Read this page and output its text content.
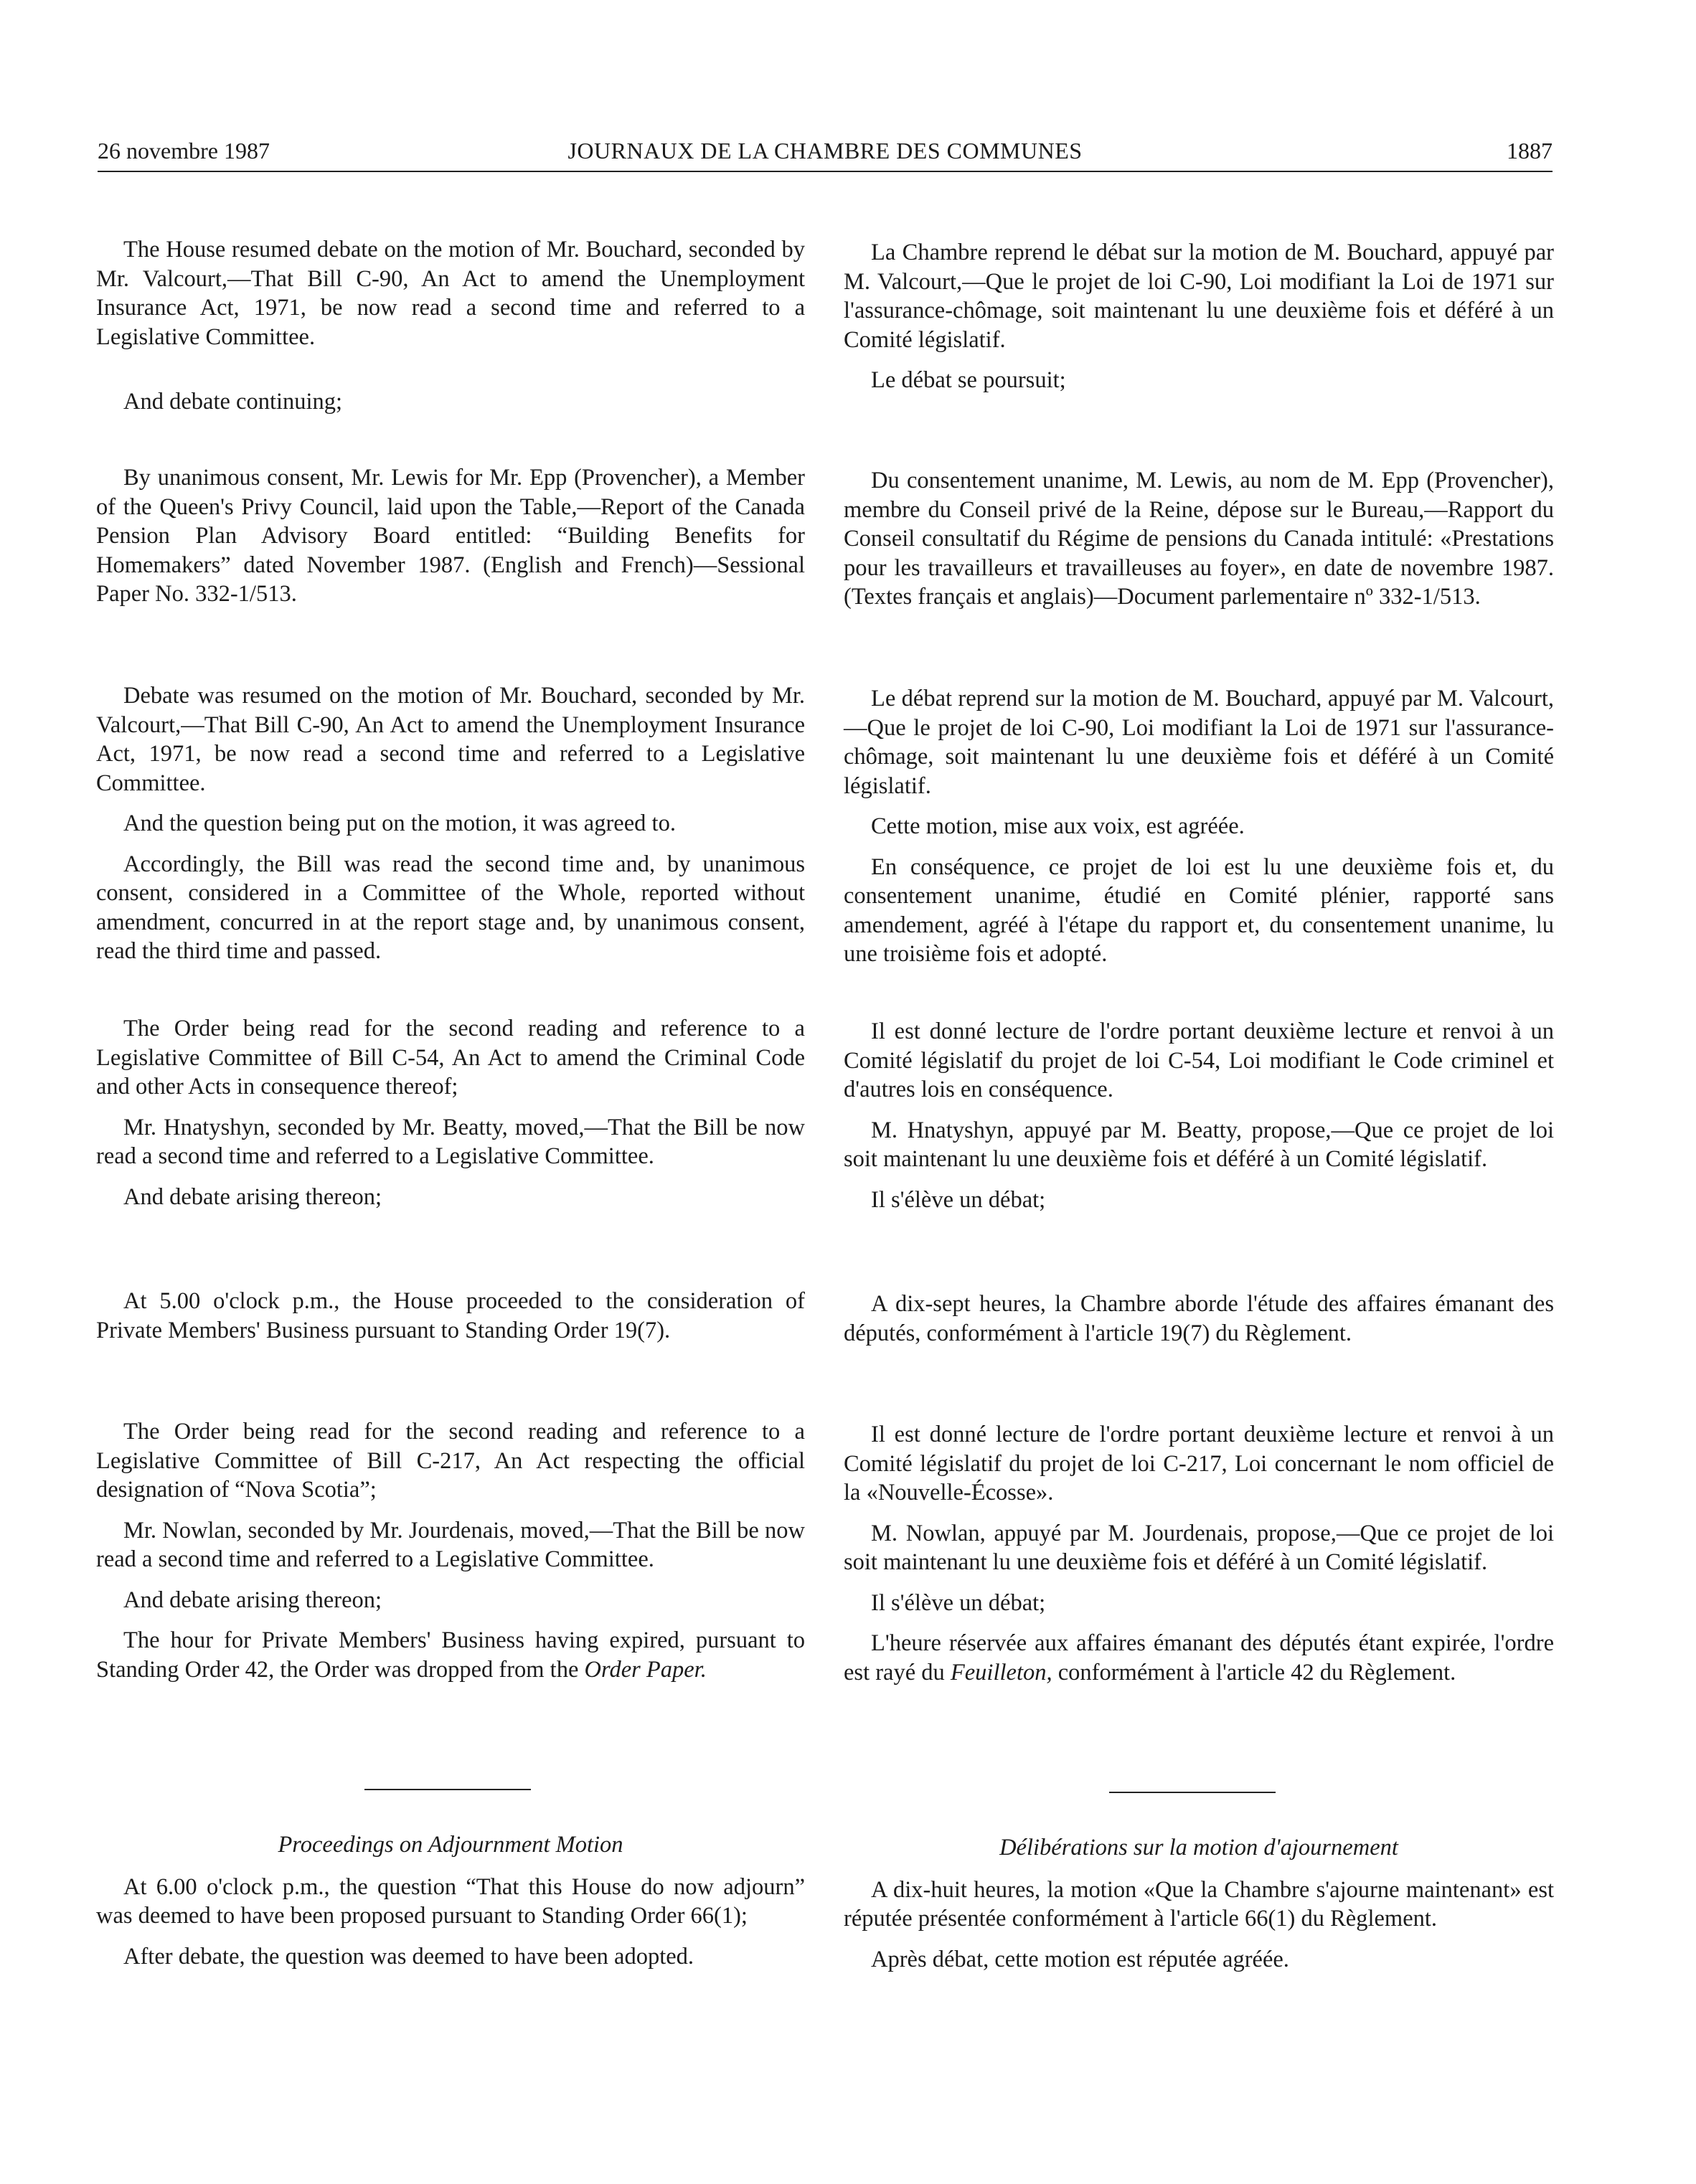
26 novembre 1987	JOURNAUX DE LA CHAMBRE DES COMMUNES	1887

The House resumed debate on the motion of Mr. Bouchard, seconded by Mr. Valcourt,—That Bill C-90, An Act to amend the Unemployment Insurance Act, 1971, be now read a second time and referred to a Legislative Committee.

And debate continuing;

By unanimous consent, Mr. Lewis for Mr. Epp (Provencher), a Member of the Queen's Privy Council, laid upon the Table,—Report of the Canada Pension Plan Advisory Board entitled: “Building Benefits for Homemakers” dated November 1987. (English and French)—Sessional Paper No. 332-1/513.

Debate was resumed on the motion of Mr. Bouchard, seconded by Mr. Valcourt,—That Bill C-90, An Act to amend the Unemployment Insurance Act, 1971, be now read a second time and referred to a Legislative Committee.

And the question being put on the motion, it was agreed to.

Accordingly, the Bill was read the second time and, by unanimous consent, considered in a Committee of the Whole, reported without amendment, concurred in at the report stage and, by unanimous consent, read the third time and passed.

The Order being read for the second reading and reference to a Legislative Committee of Bill C-54, An Act to amend the Criminal Code and other Acts in consequence thereof;

Mr. Hnatyshyn, seconded by Mr. Beatty, moved,—That the Bill be now read a second time and referred to a Legislative Committee.

And debate arising thereon;

At 5.00 o'clock p.m., the House proceeded to the consideration of Private Members' Business pursuant to Standing Order 19(7).

The Order being read for the second reading and reference to a Legislative Committee of Bill C-217, An Act respecting the official designation of “Nova Scotia”;

Mr. Nowlan, seconded by Mr. Jourdenais, moved,—That the Bill be now read a second time and referred to a Legislative Committee.

And debate arising thereon;

The hour for Private Members' Business having expired, pursuant to Standing Order 42, the Order was dropped from the Order Paper.

Proceedings on Adjournment Motion

At 6.00 o'clock p.m., the question “That this House do now adjourn” was deemed to have been proposed pursuant to Standing Order 66(1);

After debate, the question was deemed to have been adopted.

La Chambre reprend le débat sur la motion de M. Bouchard, appuyé par M. Valcourt,—Que le projet de loi C-90, Loi modifiant la Loi de 1971 sur l'assurance-chômage, soit maintenant lu une deuxième fois et déféré à un Comité législatif.

Le débat se poursuit;

Du consentement unanime, M. Lewis, au nom de M. Epp (Provencher), membre du Conseil privé de la Reine, dépose sur le Bureau,—Rapport du Conseil consultatif du Régime de pensions du Canada intitulé: «Prestations pour les travailleurs et travailleuses au foyer», en date de novembre 1987. (Textes français et anglais)—Document parlementaire nº 332-1/513.

Le débat reprend sur la motion de M. Bouchard, appuyé par M. Valcourt,—Que le projet de loi C-90, Loi modifiant la Loi de 1971 sur l'assurance-chômage, soit maintenant lu une deuxième fois et déféré à un Comité législatif.

Cette motion, mise aux voix, est agréée.

En conséquence, ce projet de loi est lu une deuxième fois et, du consentement unanime, étudié en Comité plénier, rapporté sans amendement, agréé à l'étape du rapport et, du consentement unanime, lu une troisième fois et adopté.

Il est donné lecture de l'ordre portant deuxième lecture et renvoi à un Comité législatif du projet de loi C-54, Loi modifiant le Code criminel et d'autres lois en conséquence.

M. Hnatyshyn, appuyé par M. Beatty, propose,—Que ce projet de loi soit maintenant lu une deuxième fois et déféré à un Comité législatif.

Il s'élève un débat;

A dix-sept heures, la Chambre aborde l'étude des affaires émanant des députés, conformément à l'article 19(7) du Règlement.

Il est donné lecture de l'ordre portant deuxième lecture et renvoi à un Comité législatif du projet de loi C-217, Loi concernant le nom officiel de la «Nouvelle-Écosse».

M. Nowlan, appuyé par M. Jourdenais, propose,—Que ce projet de loi soit maintenant lu une deuxième fois et déféré à un Comité législatif.

Il s'élève un débat;

L'heure réservée aux affaires émanant des députés étant expirée, l'ordre est rayé du Feuilleton, conformément à l'article 42 du Règlement.

Délibérations sur la motion d'ajournement

A dix-huit heures, la motion «Que la Chambre s'ajourne maintenant» est réputée présentée conformément à l'article 66(1) du Règlement.

Après débat, cette motion est réputée agréée.
